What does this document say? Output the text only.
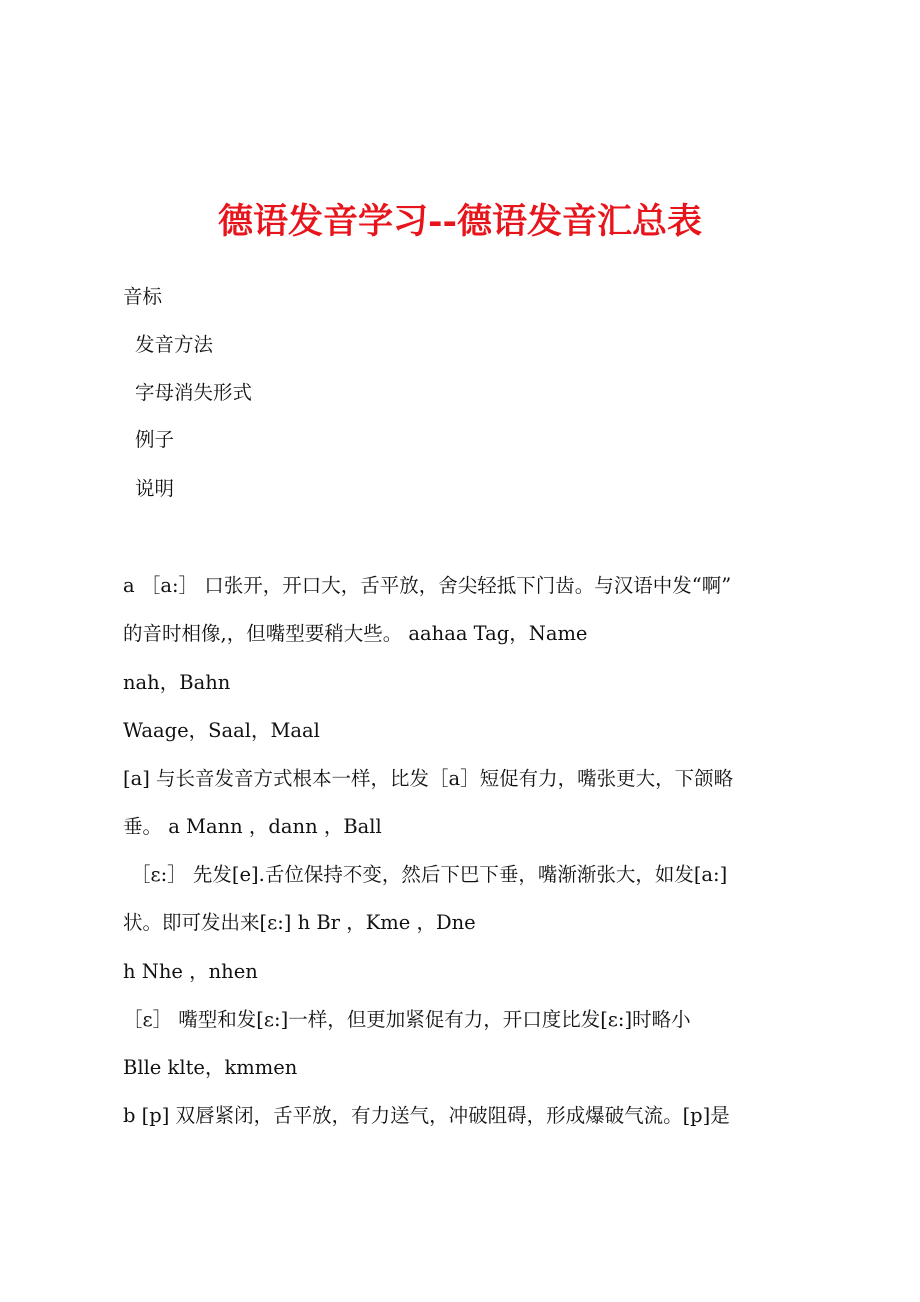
德语发音学习--德语发音汇总表
音标
发音方法
字母消失形式
例子
说明
a ［a:］ 口张开，开口大，舌平放，舍尖轻抵下门齿。与汉语中发“啊”
的音时相像,，但嘴型要稍大些。 aahaa Tag，Name
nah，Bahn
Waage，Saal，Maal
[a] 与长音发音方式根本一样，比发［a］短促有力，嘴张更大，下颌略
垂。 a Mann ，dann ，Ball
［ε:］ 先发[e].舌位保持不变，然后下巴下垂，嘴渐渐张大，如发[a:]
状。即可发出来[ε:] h Br ，Kme ，Dne
h Nhe ，nhen
［ε］ 嘴型和发[ε:]一样，但更加紧促有力，开口度比发[ε:]时略小
Blle klte，kmmen
b [p] 双唇紧闭，舌平放，有力送气，冲破阻碍，形成爆破气流。[p]是
